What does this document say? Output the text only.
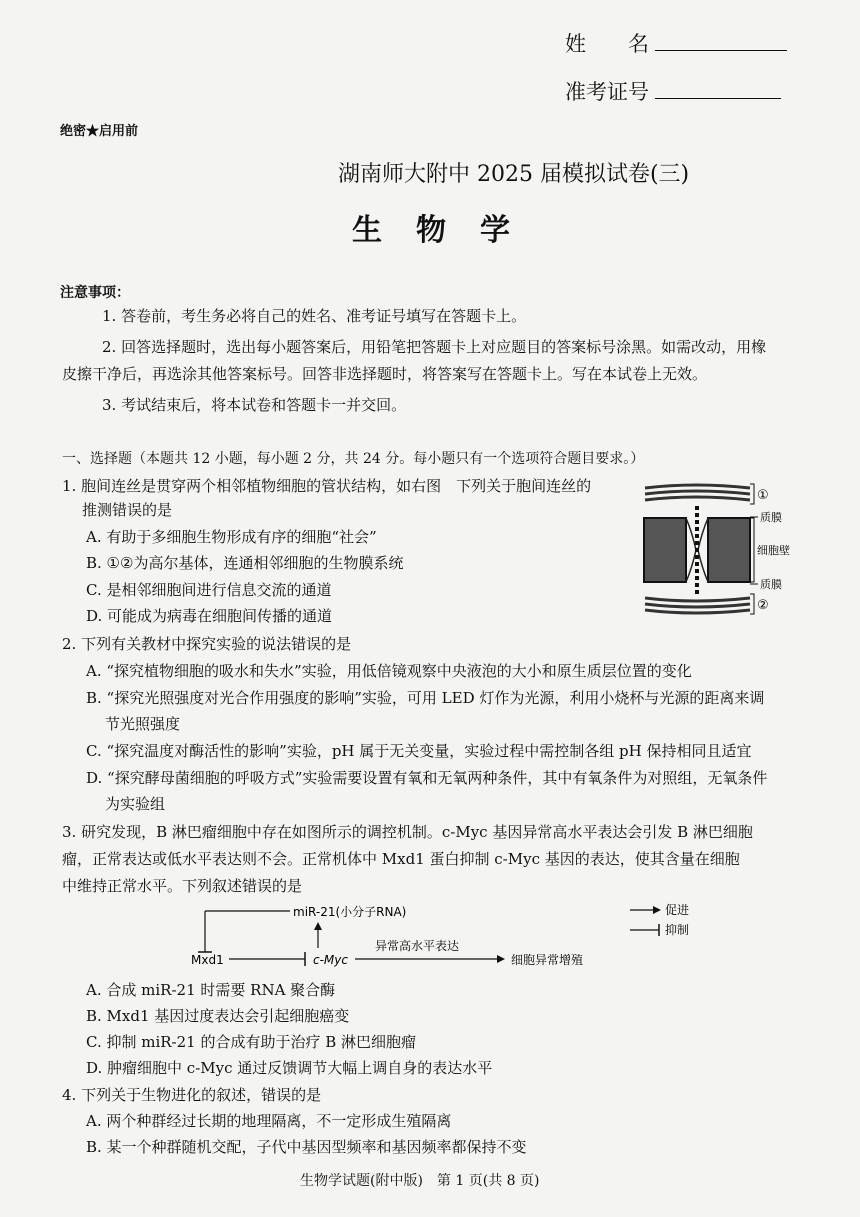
姓　　名
准考证号
绝密★启用前
湖南师大附中 2025 届模拟试卷(三)
生物学
注意事项：
1. 答卷前，考生务必将自己的姓名、准考证号填写在答题卡上。
2. 回答选择题时，选出每小题答案后，用铅笔把答题卡上对应题目的答案标号涂黑。如需改动，用橡
皮擦干净后，再选涂其他答案标号。回答非选择题时，将答案写在答题卡上。写在本试卷上无效。
3. 考试结束后，将本试卷和答题卡一并交回。
一、选择题（本题共 12 小题，每小题 2 分，共 24 分。每小题只有一个选项符合题目要求。）
1. 胞间连丝是贯穿两个相邻植物细胞的管状结构，如右图　下列关于胞间连丝的
推测错误的是
A. 有助于多细胞生物形成有序的细胞“社会”
B. ①②为高尔基体，连通相邻细胞的生物膜系统
C. 是相邻细胞间进行信息交流的通道
D. 可能成为病毒在细胞间传播的通道
①
质膜
细胞壁
质膜
②
2. 下列有关教材中探究实验的说法错误的是
A. “探究植物细胞的吸水和失水”实验，用低倍镜观察中央液泡的大小和原生质层位置的变化
B. “探究光照强度对光合作用强度的影响”实验，可用 LED 灯作为光源，利用小烧杯与光源的距离来调
节光照强度
C. “探究温度对酶活性的影响”实验，pH 属于无关变量，实验过程中需控制各组 pH 保持相同且适宜
D. “探究酵母菌细胞的呼吸方式”实验需要设置有氧和无氧两种条件，其中有氧条件为对照组，无氧条件
为实验组
3. 研究发现，B 淋巴瘤细胞中存在如图所示的调控机制。c-Myc 基因异常高水平表达会引发 B 淋巴细胞
瘤，正常表达或低水平表达则不会。正常机体中 Mxd1 蛋白抑制 c-Myc 基因的表达，使其含量在细胞
中维持正常水平。下列叙述错误的是
miR-21(小分子RNA)
Mxd1	c-Myc
异常高水平表达
细胞异常增殖
促进
抑制
A. 合成 miR-21 时需要 RNA 聚合酶
B. Mxd1 基因过度表达会引起细胞癌变
C. 抑制 miR-21 的合成有助于治疗 B 淋巴细胞瘤
D. 肿瘤细胞中 c-Myc 通过反馈调节大幅上调自身的表达水平
4. 下列关于生物进化的叙述，错误的是
A. 两个种群经过长期的地理隔离，不一定形成生殖隔离
B. 某一个种群随机交配，子代中基因型频率和基因频率都保持不变
生物学试题(附中版)　第 1 页(共 8 页)
